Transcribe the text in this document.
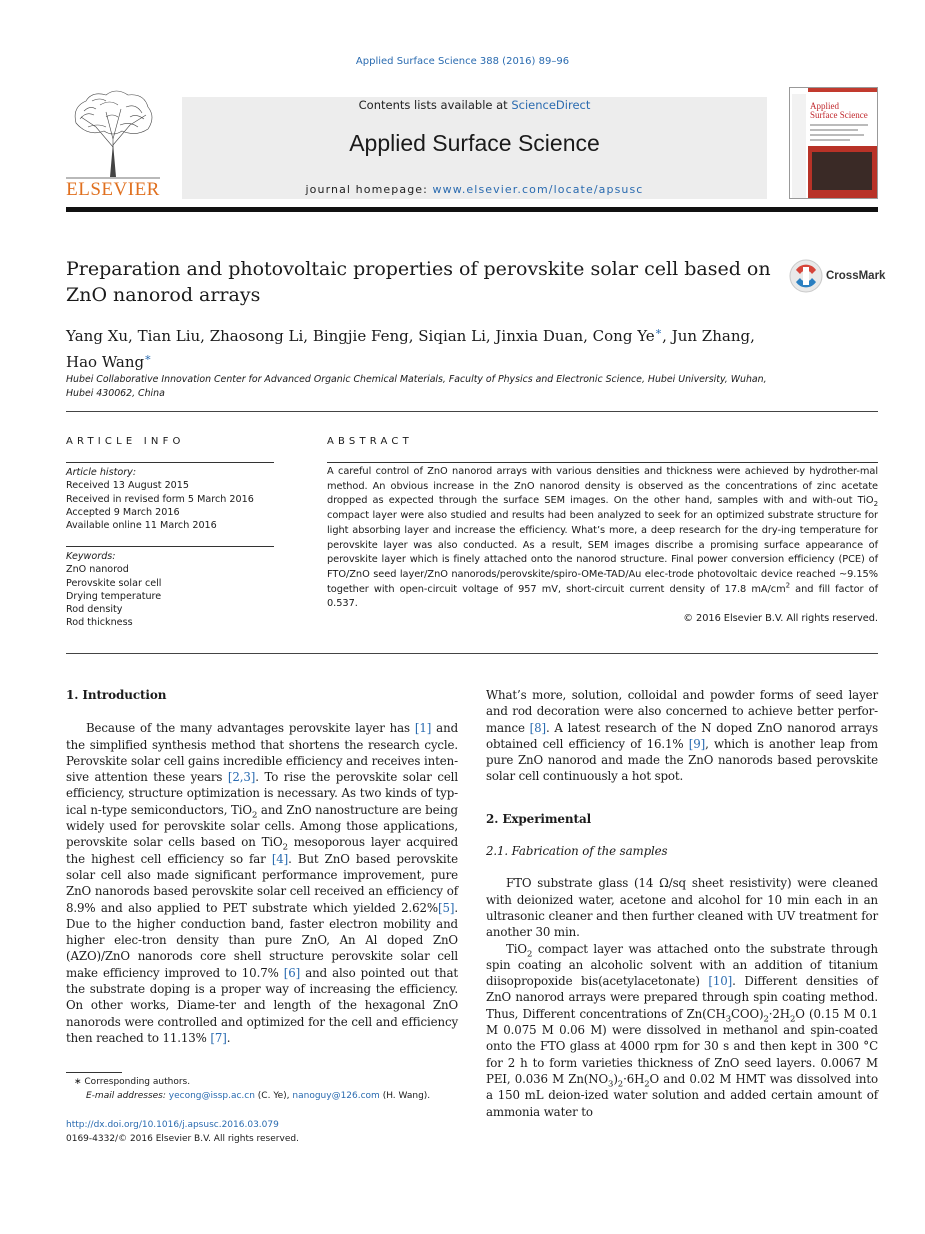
Applied Surface Science 388 (2016) 89–96
ELSEVIER
Contents lists available at ScienceDirect
Applied Surface Science
journal homepage: www.elsevier.com/locate/apsusc
Applied
Surface Science
Preparation and photovoltaic properties of perovskite solar cell based on ZnO nanorod arrays
CrossMark
Yang Xu, Tian Liu, Zhaosong Li, Bingjie Feng, Siqian Li, Jinxia Duan, Cong Ye∗, Jun Zhang,
Hao Wang∗
Hubei Collaborative Innovation Center for Advanced Organic Chemical Materials, Faculty of Physics and Electronic Science, Hubei University, Wuhan, Hubei 430062, China
ARTICLE INFO	ABSTRACT
Article history:
Received 13 August 2015
Received in revised form 5 March 2016
Accepted 9 March 2016
Available online 11 March 2016
Keywords:
ZnO nanorod
Perovskite solar cell
Drying temperature
Rod density
Rod thickness
A careful control of ZnO nanorod arrays with various densities and thickness were achieved by hydrother-mal method. An obvious increase in the ZnO nanorod density is observed as the concentrations of zinc acetate dropped as expected through the surface SEM images. On the other hand, samples with and with-out TiO$_2$ compact layer were also studied and results had been analyzed to seek for an optimized substrate structure for light absorbing layer and increase the efficiency. What’s more, a deep research for the dry-ing temperature for perovskite layer was also conducted. As a result, SEM images discribe a promising surface appearance of perovskite layer which is finely attached onto the nanorod structure. Final power conversion efficiency (PCE) of FTO/ZnO seed layer/ZnO nanorods/perovskite/spiro-OMe-TAD/Au elec-trode photovoltaic device reached ~9.15% together with open-circuit voltage of 957 mV, short-circuit current density of 17.8 $mA/cm^2$ and fill factor of 0.537.
© 2016 Elsevier B.V. All rights reserved.
1. Introduction

Because of the many advantages perovskite layer has [1] and the simplified synthesis method that shortens the research cycle. Perovskite solar cell gains incredible efficiency and receives inten-sive attention these years [2,3]. To rise the perovskite solar cell efficiency, structure optimization is necessary. As two kinds of typ-ical n-type semiconductors, TiO$_2$ and ZnO nanostructure are being widely used for perovskite solar cells. Among those applications, perovskite solar cells based on TiO$_2$ mesoporous layer acquired the highest cell efficiency so far [4]. But ZnO based perovskite solar cell also made significant performance improvement, pure ZnO nanorods based perovskite solar cell received an efficiency of 8.9% and also applied to PET substrate which yielded 2.62%[5]. Due to the higher conduction band, faster electron mobility and higher elec-tron density than pure ZnO, An Al doped ZnO (AZO)/ZnO nanorods core shell structure perovskite solar cell make efficiency improved to 10.7% [6] and also pointed out that the substrate doping is a proper way of increasing the efficiency. On other works, Diame-ter and length of the hexagonal ZnO nanorods were controlled and optimized for the cell and efficiency then reached to 11.13% [7].

What’s more, solution, colloidal and powder forms of seed layer and rod decoration were also concerned to achieve better perfor-mance [8]. A latest research of the N doped ZnO nanorod arrays obtained cell efficiency of 16.1% [9], which is another leap from pure ZnO nanorod and made the ZnO nanorods based perovskite solar cell continuously a hot spot.
2. Experimental
2.1. Fabrication of the samples

FTO substrate glass (14 Ω/sq sheet resistivity) were cleaned with deionized water, acetone and alcohol for 10 min each in an ultrasonic cleaner and then further cleaned with UV treatment for another 30 min.

TiO$_2$ compact layer was attached onto the substrate through spin coating an alcoholic solvent with an addition of titanium diisopropoxide bis(acetylacetonate) [10]. Different densities of ZnO nanorod arrays were prepared through spin coating method. Thus, Different concentrations of $Zn(CH_3COO)_2\cdot 2H_2O$ (0.15 M 0.1 M 0.075 M 0.06 M) were dissolved in methanol and spin-coated onto the FTO glass at 4000 rpm for 30 s and then kept in 300 °C for 2 h to form varieties thickness of ZnO seed layers. 0.0067 M PEI, 0.036 M $Zn(NO_3)_2\cdot 6H_2O$ and 0.02 M HMT was dissolved into a 150 mL deion-ized water solution and added certain amount of ammonia water to

∗ Corresponding authors.
E-mail addresses: yecong@issp.ac.cn (C. Ye), nanoguy@126.com (H. Wang).
http://dx.doi.org/10.1016/j.apsusc.2016.03.079
0169-4332/© 2016 Elsevier B.V. All rights reserved.
